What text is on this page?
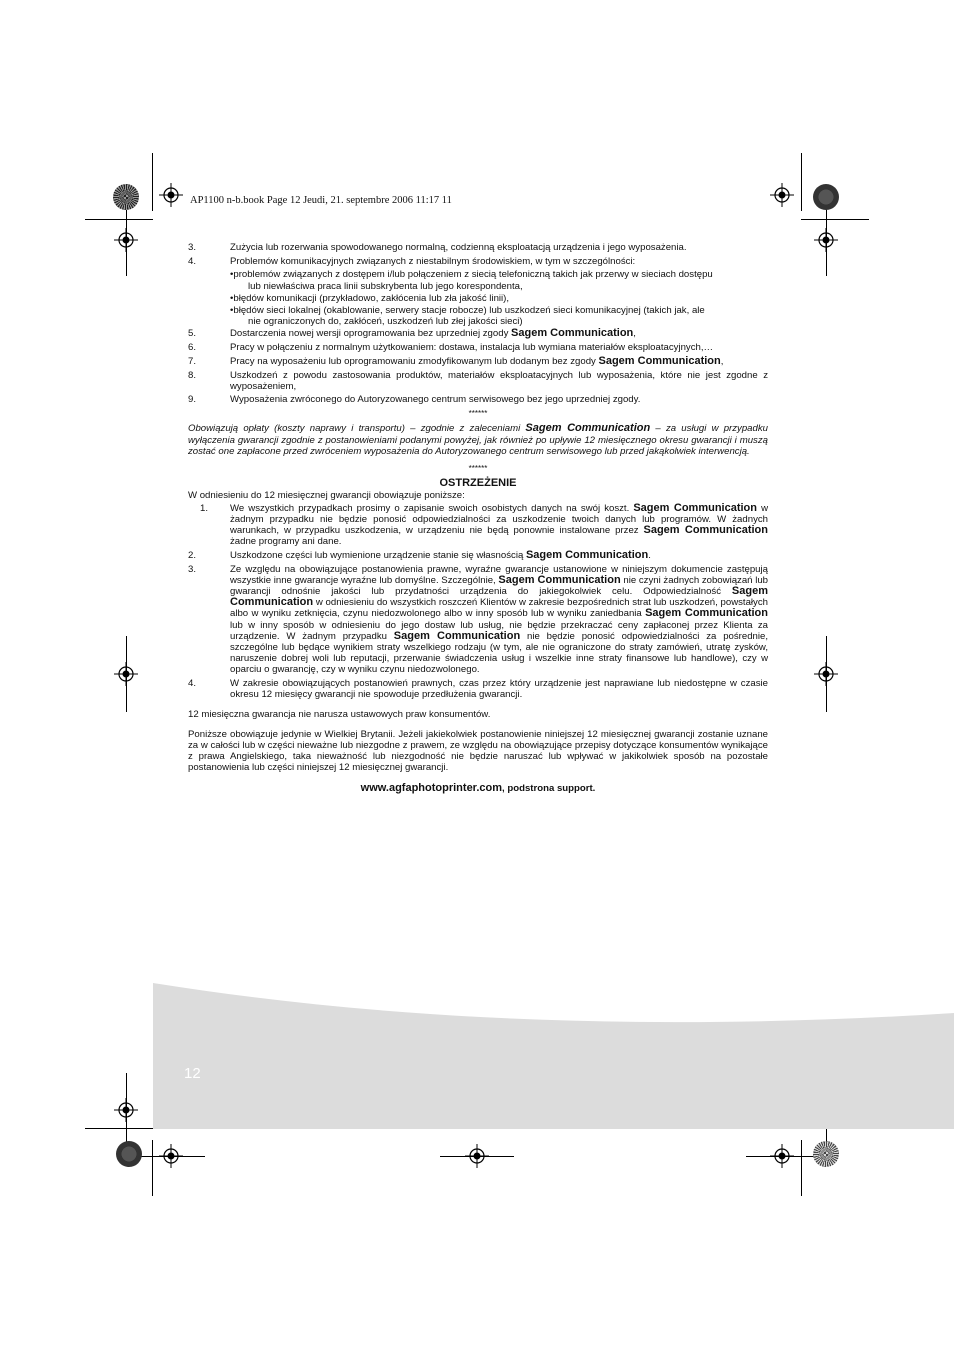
AP1100 n-b.book Page 12 Jeudi, 21. septembre 2006 11:17 11
3.	Zużycia lub rozerwania spowodowanego normalną, codzienną eksploatacją urządzenia i jego wyposażenia.
4.	Problemów komunikacyjnych związanych z niestabilnym środowiskiem, w tym w szczególności:
•problemów związanych z dostępem i/lub połączeniem z siecią telefoniczną takich jak przerwy w sieciach dostępu
lub niewłaściwa praca linii subskrybenta lub jego korespondenta,
•błędów komunikacji (przykładowo, zakłócenia lub zła jakość linii),
•błędów sieci lokalnej (okablowanie, serwery stacje robocze) lub uszkodzeń sieci komunikacyjnej (takich jak, ale
nie ograniczonych do, zakłóceń, uszkodzeń lub złej jakości sieci)
5.	Dostarczenia nowej wersji oprogramowania bez uprzedniej zgody Sagem Communication,
6.	Pracy w połączeniu z normalnym użytkowaniem: dostawa, instalacja lub wymiana materiałów eksploatacyjnych,…
7.	Pracy na wyposażeniu lub oprogramowaniu zmodyfikowanym lub dodanym bez zgody Sagem Communication,
8.	Uszkodzeń z powodu zastosowania produktów, materiałów eksploatacyjnych lub wyposażenia, które nie jest zgodne z wyposażeniem,
9.	Wyposażenia zwróconego do Autoryzowanego centrum serwisowego bez jego uprzedniej zgody.
******
Obowiązują opłaty (koszty naprawy i transportu) – zgodnie z zaleceniami Sagem Communication – za usługi w przypadku wyłączenia gwarancji zgodnie z postanowieniami podanymi powyżej, jak również po upływie 12 miesięcznego okresu gwarancji i muszą zostać one zapłacone przed zwróceniem wyposażenia do Autoryzowanego centrum serwisowego lub przed jakąkolwiek interwencją.
******
OSTRZEŻENIE
W odniesieniu do 12 miesięcznej gwarancji obowiązuje poniższe:
1.	We wszystkich przypadkach prosimy o zapisanie swoich osobistych danych na swój koszt. Sagem Communication w żadnym przypadku nie będzie ponosić odpowiedzialności za uszkodzenie twoich danych lub programów. W żadnych warunkach, w przypadku uszkodzenia, w urządzeniu nie będą ponownie instalowane przez Sagem Communication żadne programy ani dane.
2.	Uszkodzone części lub wymienione urządzenie stanie się własnością Sagem Communication.
3.	Ze względu na obowiązujące postanowienia prawne, wyraźne gwarancje ustanowione w niniejszym dokumencie zastępują wszystkie inne gwarancje wyraźne lub domyślne. Szczególnie, Sagem Communication nie czyni żadnych zobowiązań lub gwarancji odnośnie jakości lub przydatności urządzenia do jakiegokolwiek celu. Odpowiedzialność Sagem Communication w odniesieniu do wszystkich roszczeń Klientów w zakresie bezpośrednich strat lub uszkodzeń, powstałych albo w wyniku zetknięcia, czynu niedozwolonego albo w inny sposób lub w wyniku zaniedbania Sagem Communication lub w inny sposób w odniesieniu do jego dostaw lub usług, nie będzie przekraczać ceny zapłaconej przez Klienta za urządzenie. W żadnym przypadku Sagem Communication nie będzie ponosić odpowiedzialności za pośrednie, szczególne lub będące wynikiem straty wszelkiego rodzaju (w tym, ale nie ograniczone do straty zamówień, utratę zysków, naruszenie dobrej woli lub reputacji, przerwanie świadczenia usług i wszelkie inne straty finansowe lub handlowe), czy w oparciu o gwarancję, czy w wyniku czynu niedozwolonego.
4.	W zakresie obowiązujących postanowień prawnych, czas przez który urządzenie jest naprawiane lub niedostępne w czasie okresu 12 miesięcy gwarancji nie spowoduje przedłużenia gwarancji.
12 miesięczna gwarancja nie narusza ustawowych praw konsumentów.
Poniższe obowiązuje jedynie w Wielkiej Brytanii. Jeżeli jakiekolwiek postanowienie niniejszej 12 miesięcznej gwarancji zostanie uznane za w całości lub w części nieważne lub niezgodne z prawem, ze względu na obowiązujące przepisy dotyczące konsumentów wynikające z prawa Angielskiego, taka nieważność lub niezgodność nie będzie naruszać lub wpływać w jakikolwiek sposób na pozostałe postanowienia lub części niniejszej 12 miesięcznej gwarancji.
www.agfaphotoprinter.com, podstrona support.
12
